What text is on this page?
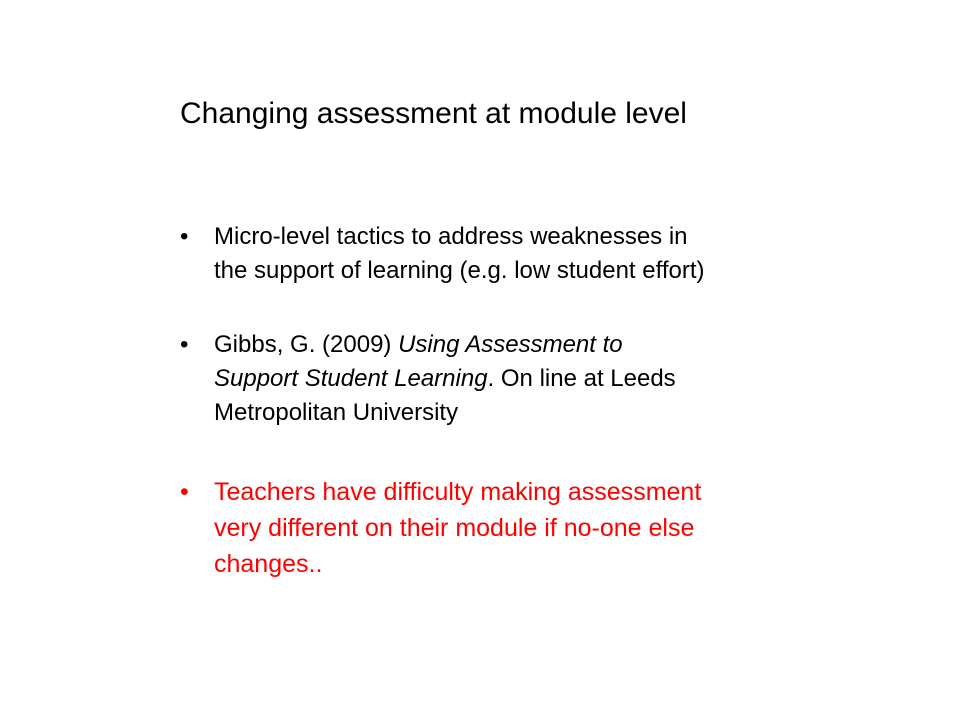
Changing assessment at module level
• Micro-level tactics to address weaknesses in
the support of learning (e.g. low student effort)
• Gibbs, G. (2009) Using Assessment to
Support Student Learning. On line at Leeds
Metropolitan University
• Teachers have difficulty making assessment
very different on their module if no-one else
changes..
